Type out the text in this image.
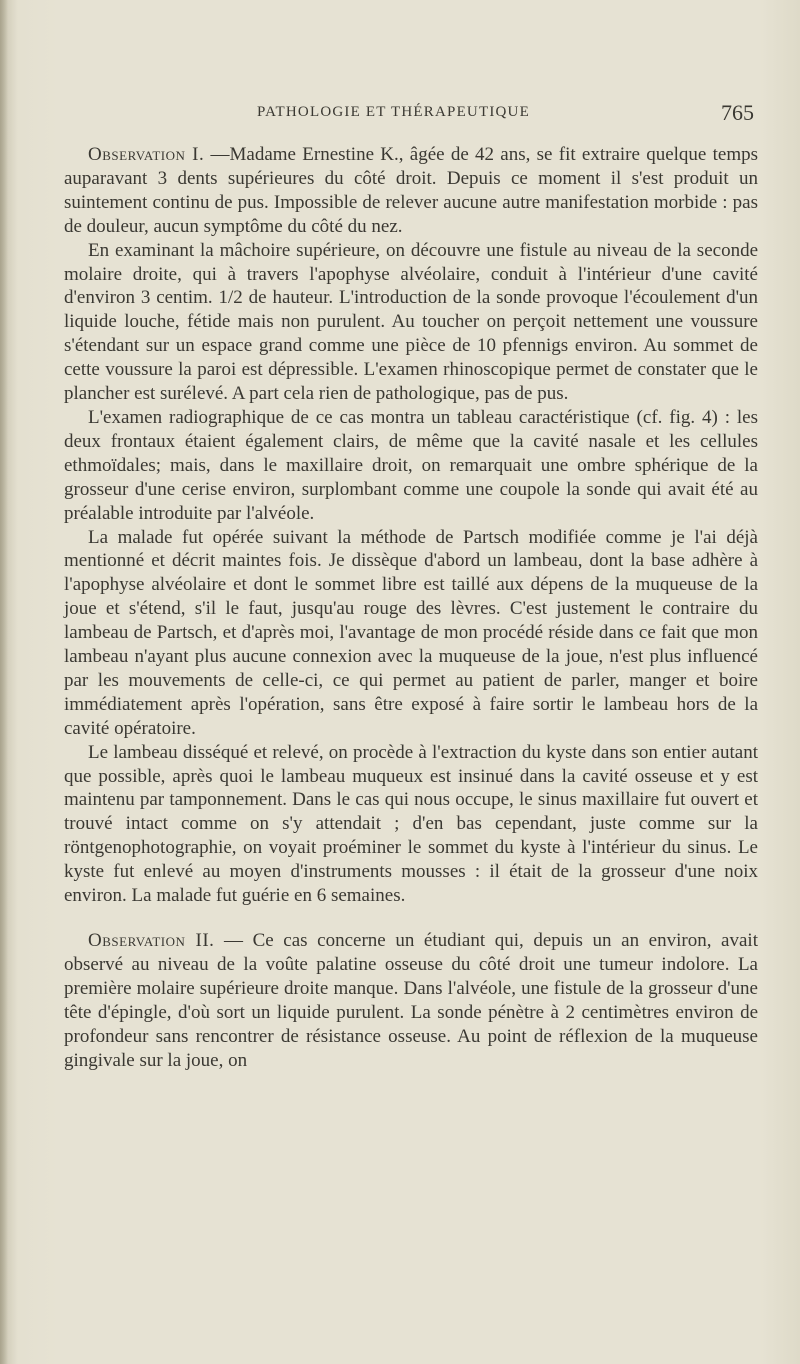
PATHOLOGIE ET THÉRAPEUTIQUE	765

Observation I. —Madame Ernestine K., âgée de 42 ans, se fit extraire quelque temps auparavant 3 dents supérieures du côté droit. Depuis ce moment il s'est produit un suintement continu de pus. Impossible de relever aucune autre manifestation morbide : pas de douleur, aucun symptôme du côté du nez.

En examinant la mâchoire supérieure, on découvre une fistule au niveau de la seconde molaire droite, qui à travers l'apophyse alvéolaire, conduit à l'intérieur d'une cavité d'environ 3 centim. 1/2 de hauteur. L'introduction de la sonde provoque l'écoulement d'un liquide louche, fétide mais non purulent. Au toucher on perçoit nettement une voussure s'étendant sur un espace grand comme une pièce de 10 pfennigs environ. Au sommet de cette voussure la paroi est dépressible. L'examen rhinoscopique permet de constater que le plancher est surélevé. A part cela rien de pathologique, pas de pus.

L'examen radiographique de ce cas montra un tableau caractéristique (cf. fig. 4) : les deux frontaux étaient également clairs, de même que la cavité nasale et les cellules ethmoïdales; mais, dans le maxillaire droit, on remarquait une ombre sphérique de la grosseur d'une cerise environ, surplombant comme une coupole la sonde qui avait été au préalable introduite par l'alvéole.

La malade fut opérée suivant la méthode de Partsch modifiée comme je l'ai déjà mentionné et décrit maintes fois. Je dissèque d'abord un lambeau, dont la base adhère à l'apophyse alvéolaire et dont le sommet libre est taillé aux dépens de la muqueuse de la joue et s'étend, s'il le faut, jusqu'au rouge des lèvres. C'est justement le contraire du lambeau de Partsch, et d'après moi, l'avantage de mon procédé réside dans ce fait que mon lambeau n'ayant plus aucune connexion avec la muqueuse de la joue, n'est plus influencé par les mouvements de celle-ci, ce qui permet au patient de parler, manger et boire immédiatement après l'opération, sans être exposé à faire sortir le lambeau hors de la cavité opératoire.

Le lambeau disséqué et relevé, on procède à l'extraction du kyste dans son entier autant que possible, après quoi le lambeau muqueux est insinué dans la cavité osseuse et y est maintenu par tamponnement. Dans le cas qui nous occupe, le sinus maxillaire fut ouvert et trouvé intact comme on s'y attendait ; d'en bas cependant, juste comme sur la röntgenophotographie, on voyait proéminer le sommet du kyste à l'intérieur du sinus. Le kyste fut enlevé au moyen d'instruments mousses : il était de la grosseur d'une noix environ. La malade fut guérie en 6 semaines.

Observation II. — Ce cas concerne un étudiant qui, depuis un an environ, avait observé au niveau de la voûte palatine osseuse du côté droit une tumeur indolore. La première molaire supérieure droite manque. Dans l'alvéole, une fistule de la grosseur d'une tête d'épingle, d'où sort un liquide purulent. La sonde pénètre à 2 centimètres environ de profondeur sans rencontrer de résistance osseuse. Au point de réflexion de la muqueuse gingivale sur la joue, on
